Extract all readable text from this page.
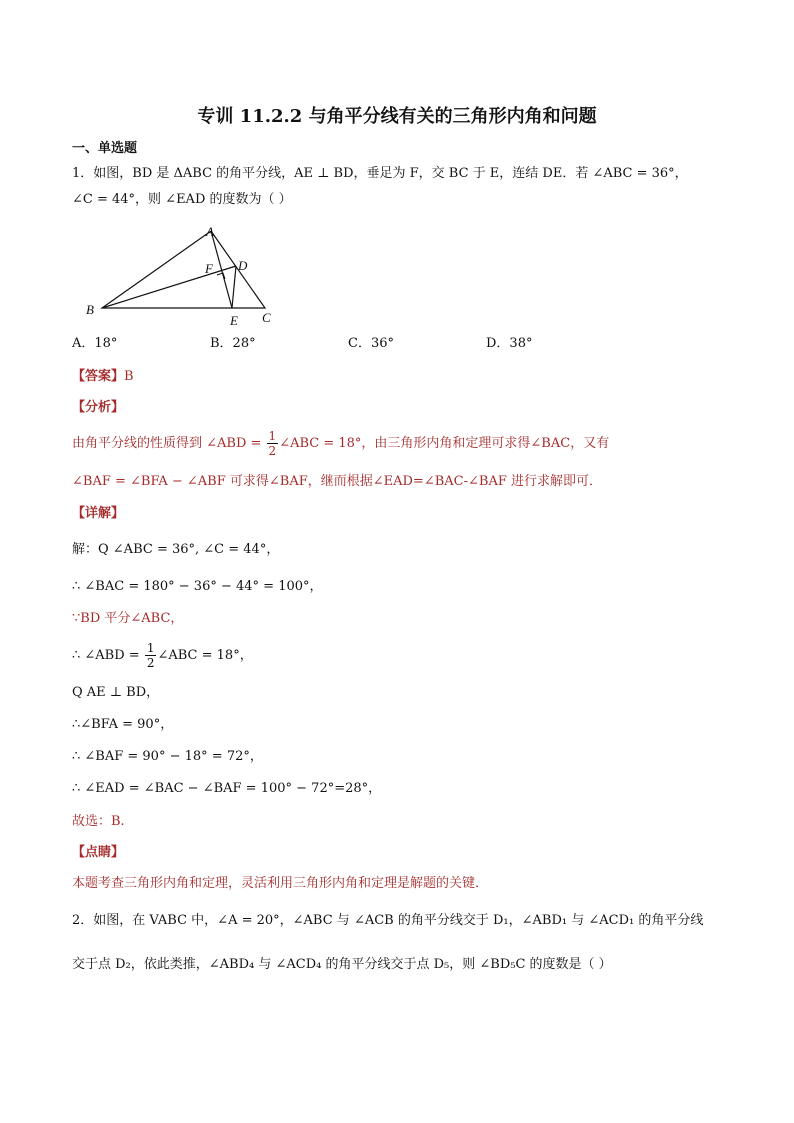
专训 11.2.2 与角平分线有关的三角形内角和问题
一、单选题
1．如图，BD 是 ΔABC 的角平分线，AE ⊥ BD，垂足为 F，交 BC 于 E，连结 DE．若 ∠ABC = 36°，
∠C = 44°，则 ∠EAD 的度数为（ ）
A
B
C
D
E
F
A．18°	B．28°	C．36°	D．38°
【答案】B
【分析】
由角平分线的性质得到 ∠ABD = $\frac{1}{2}$ ∠ABC = 18°，由三角形内角和定理可求得∠BAC，又有
∠BAF = ∠BFA − ∠ABF 可求得∠BAF，继而根据∠EAD=∠BAC-∠BAF 进行求解即可．
【详解】
解：Q ∠ABC = 36°, ∠C = 44°，
∴ ∠BAC = 180° − 36° − 44° = 100°，
∵BD 平分∠ABC，
∴ ∠ABD = $\frac{1}{2}$ ∠ABC = 18°，
Q AE ⊥ BD，
∴∠BFA = 90°，
∴ ∠BAF = 90° − 18° = 72°，
∴ ∠EAD = ∠BAC − ∠BAF = 100° − 72°=28°，
故选：B.
【点睛】
本题考查三角形内角和定理，灵活利用三角形内角和定理是解题的关键．
2．如图，在 VABC 中，∠A = 20°，∠ABC 与 ∠ACB 的角平分线交于 D₁，∠ABD₁ 与 ∠ACD₁ 的角平分线
交于点 D₂，依此类推，∠ABD₄ 与 ∠ACD₄ 的角平分线交于点 D₅，则 ∠BD₅C 的度数是（ ）
